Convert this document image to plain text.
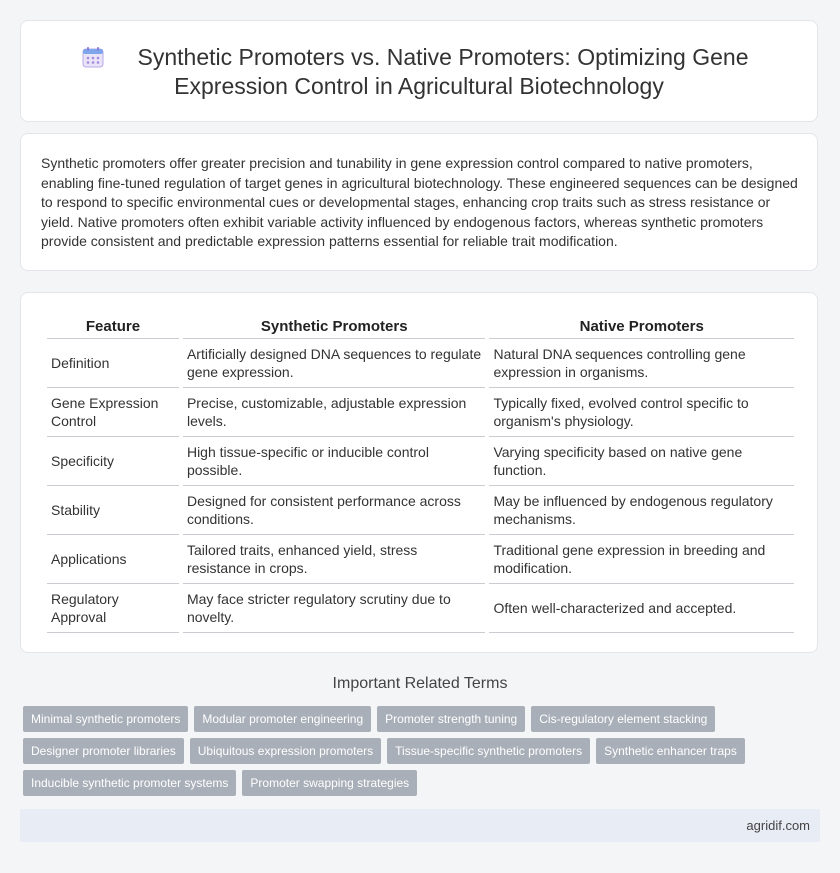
Synthetic Promoters vs. Native Promoters: Optimizing Gene
Expression Control in Agricultural Biotechnology

Synthetic promoters offer greater precision and tunability in gene expression control compared to native promoters, enabling fine-tuned regulation of target genes in agricultural biotechnology. These engineered sequences can be designed to respond to specific environmental cues or developmental stages, enhancing crop traits such as stress resistance or yield. Native promoters often exhibit variable activity influenced by endogenous factors, whereas synthetic promoters provide consistent and predictable expression patterns essential for reliable trait modification.

Feature	Synthetic Promoters	Native Promoters
Definition	Artificially designed DNA sequences to regulate gene expression.	Natural DNA sequences controlling gene expression in organisms.
Gene Expression Control	Precise, customizable, adjustable expression levels.	Typically fixed, evolved control specific to organism's physiology.
Specificity	High tissue-specific or inducible control possible.	Varying specificity based on native gene function.
Stability	Designed for consistent performance across conditions.	May be influenced by endogenous regulatory mechanisms.
Applications	Tailored traits, enhanced yield, stress resistance in crops.	Traditional gene expression in breeding and modification.
Regulatory Approval	May face stricter regulatory scrutiny due to novelty.	Often well-characterized and accepted.
Important Related Terms
Minimal synthetic promoters	Modular promoter engineering	Promoter strength tuning	Cis-regulatory element stacking
Designer promoter libraries	Ubiquitous expression promoters	Tissue-specific synthetic promoters	Synthetic enhancer traps
Inducible synthetic promoter systems	Promoter swapping strategies
agridif.com
